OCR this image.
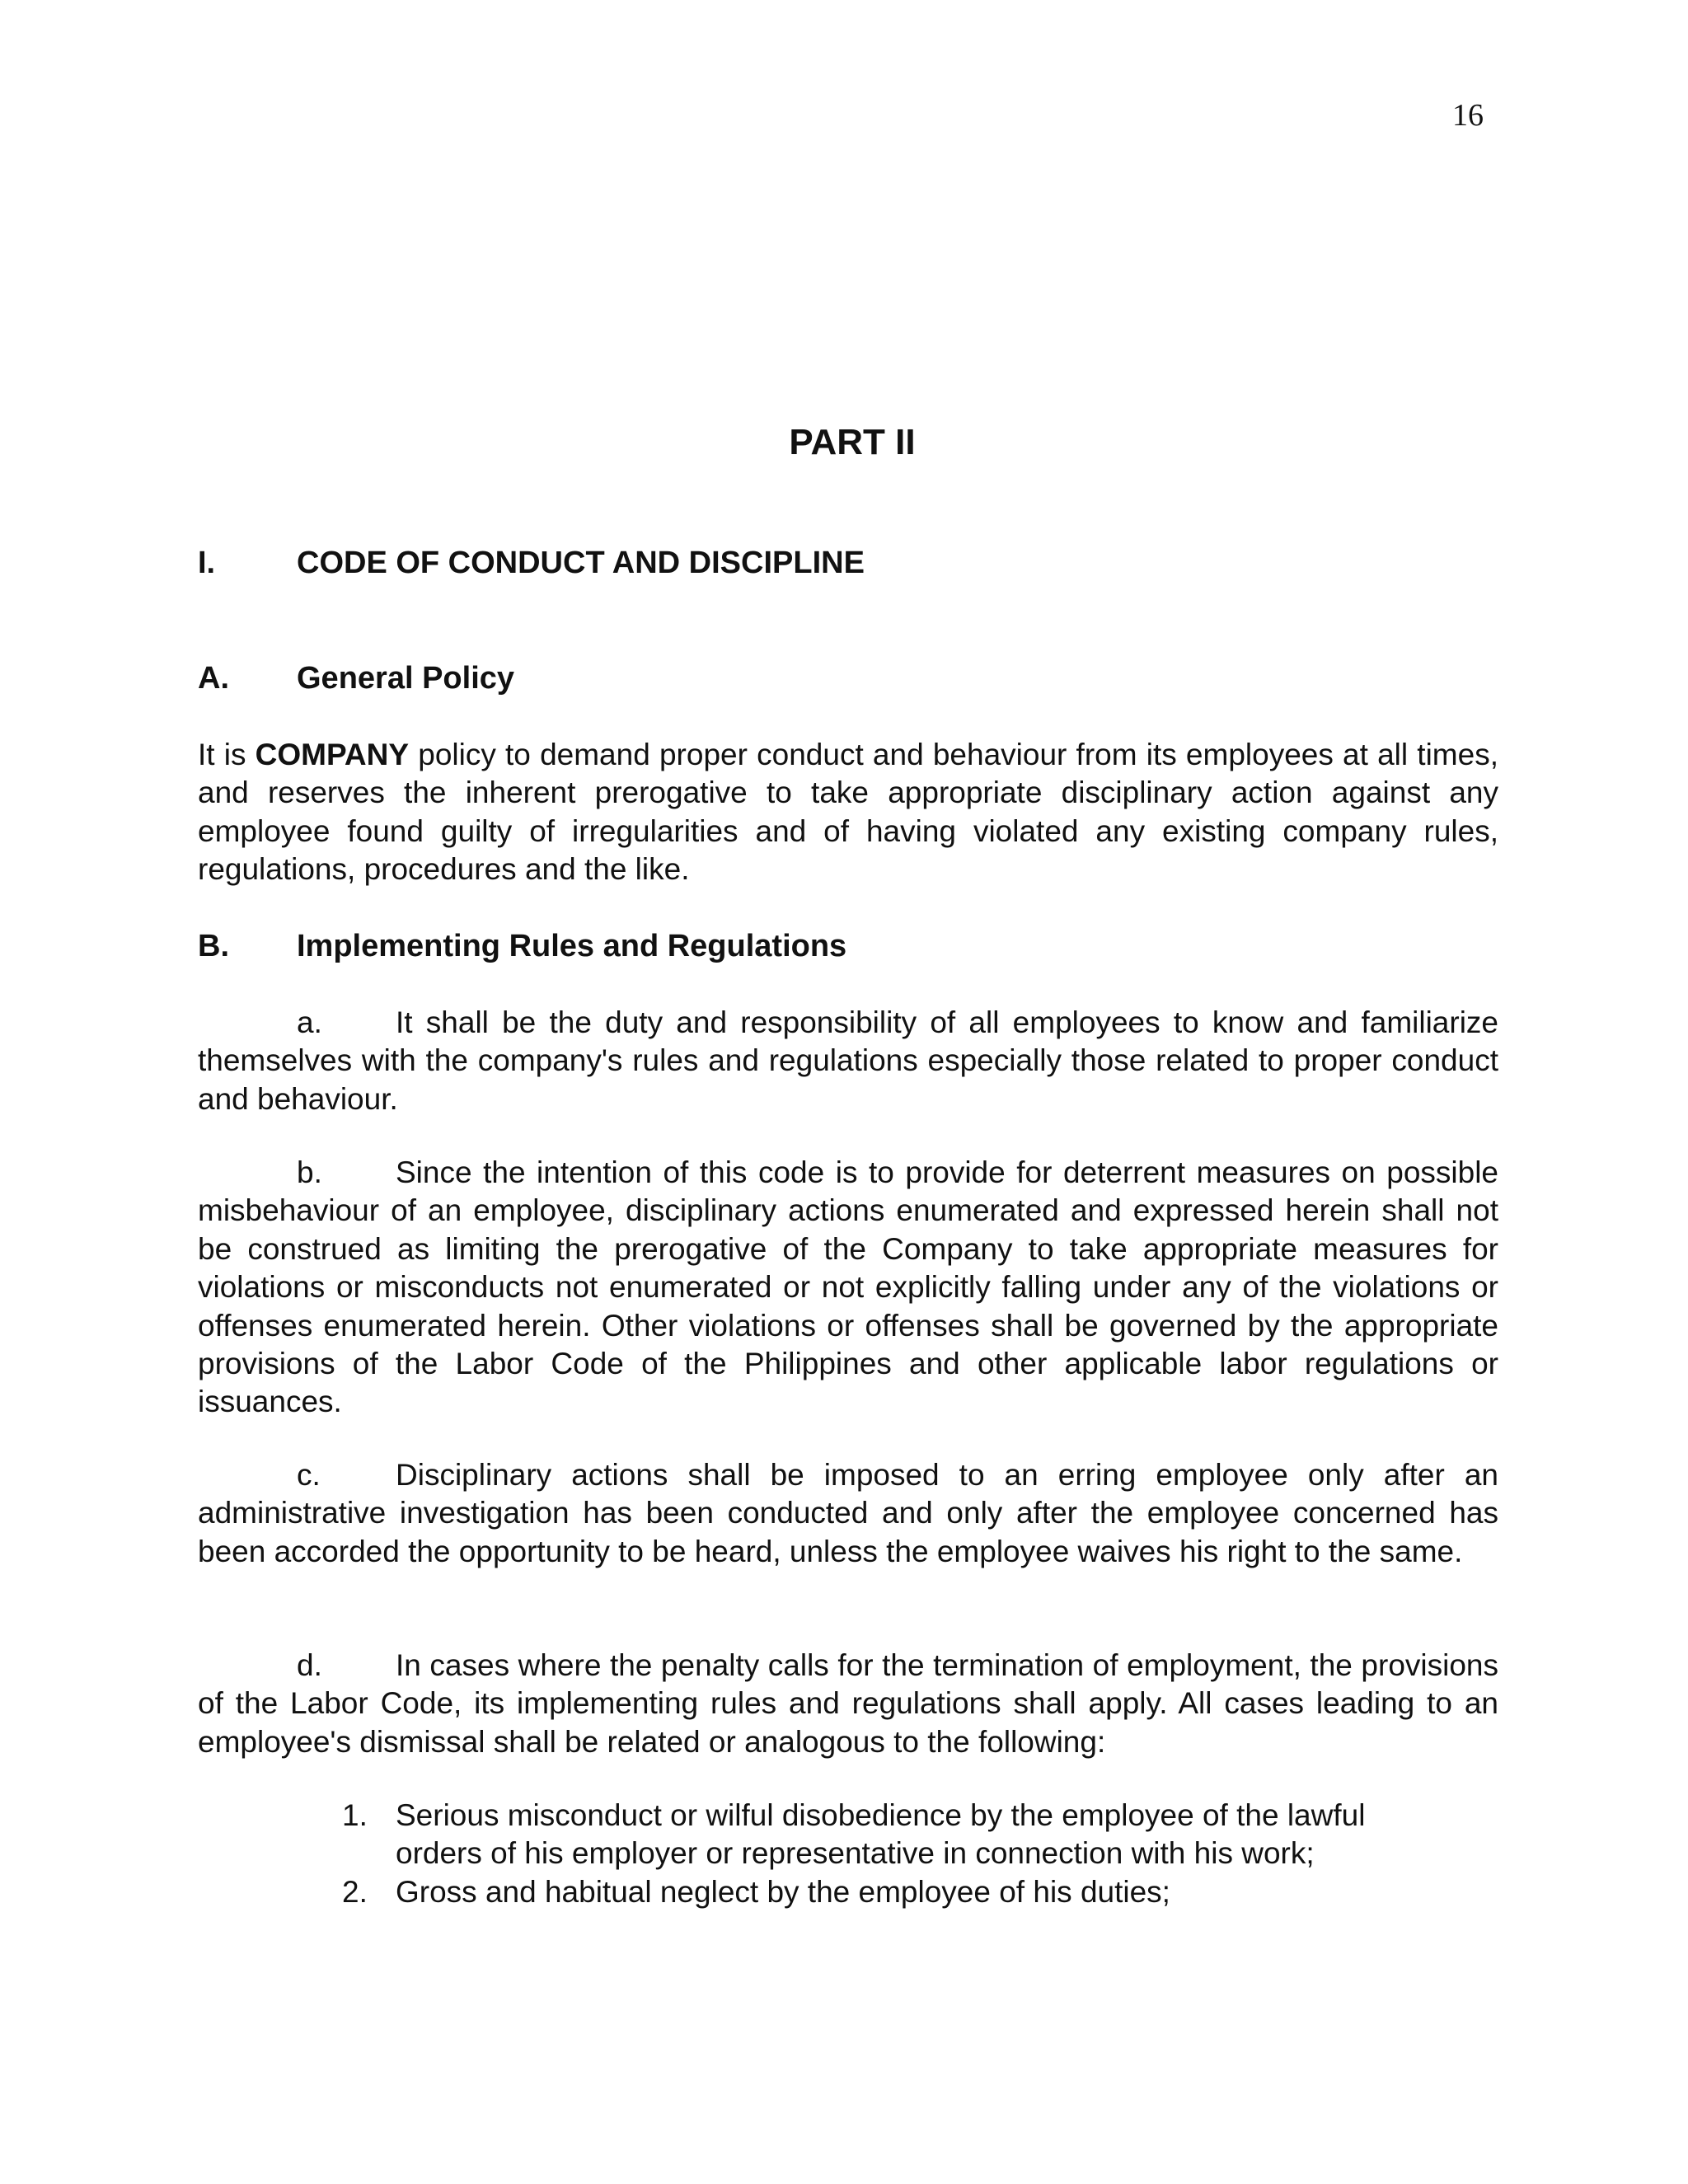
16
PART II
I.	CODE OF CONDUCT AND DISCIPLINE
A. General Policy

It is COMPANY policy to demand proper conduct and behaviour from its employees at all times, and reserves the inherent prerogative to take appropriate disciplinary action against any employee found guilty of irregularities and of having violated any existing company rules, regulations, procedures and the like.

B. Implementing Rules and Regulations

a. It shall be the duty and responsibility of all employees to know and familiarize themselves with the company's rules and regulations especially those related to proper conduct and behaviour.

b. Since the intention of this code is to provide for deterrent measures on possible misbehaviour of an employee, disciplinary actions enumerated and expressed herein shall not be construed as limiting the prerogative of the Company to take appropriate measures for violations or misconducts not enumerated or not explicitly falling under any of the violations or offenses enumerated herein. Other violations or offenses shall be governed by the appropriate provisions of the Labor Code of the Philippines and other applicable labor regulations or issuances.

c. Disciplinary actions shall be imposed to an erring employee only after an administrative investigation has been conducted and only after the employee concerned has been accorded the opportunity to be heard, unless the employee waives his right to the same.

d. In cases where the penalty calls for the termination of employment, the provisions of the Labor Code, its implementing rules and regulations shall apply. All cases leading to an employee's dismissal shall be related or analogous to the following:

1. Serious misconduct or wilful disobedience by the employee of the lawful orders of his employer or representative in connection with his work;
2. Gross and habitual neglect by the employee of his duties;
